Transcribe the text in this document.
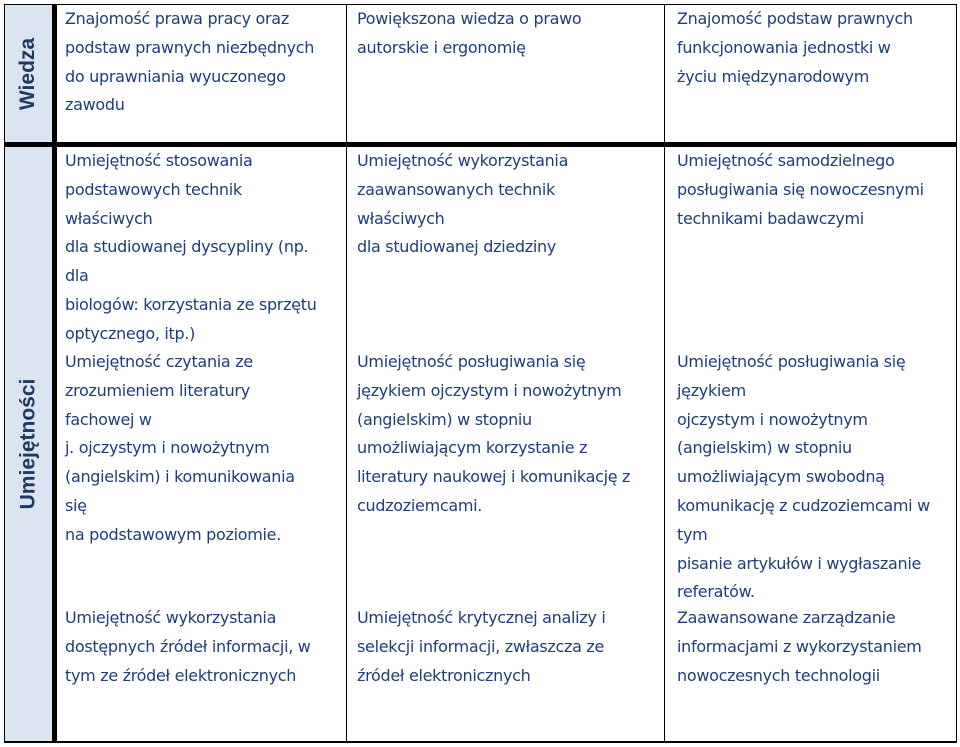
Wiedza
Umiejętności
Znajomość prawa pracy oraz
podstaw prawnych niezbędnych
do uprawniania wyuczonego
zawodu
Powiększona wiedza o prawo
autorskie i ergonomię
Znajomość podstaw prawnych
funkcjonowania jednostki w
życiu międzynarodowym
Umiejętność stosowania
podstawowych technik
właściwych
dla studiowanej dyscypliny (np.
dla
biologów: korzystania ze sprzętu
optycznego, itp.)
Umiejętność czytania ze
zrozumieniem literatury
fachowej w
j. ojczystym i nowożytnym
(angielskim) i komunikowania
się
na podstawowym poziomie.
Umiejętność wykorzystania
dostępnych źródeł informacji, w
tym ze źródeł elektronicznych
Umiejętność wykorzystania
zaawansowanych technik
właściwych
dla studiowanej dziedziny
Umiejętność posługiwania się
językiem ojczystym i nowożytnym
(angielskim) w stopniu
umożliwiającym korzystanie z
literatury naukowej i komunikację z
cudzoziemcami.
Umiejętność krytycznej analizy i
selekcji informacji, zwłaszcza ze
źródeł elektronicznych
Umiejętność samodzielnego
posługiwania się nowoczesnymi
technikami badawczymi
Umiejętność posługiwania się
językiem
ojczystym i nowożytnym
(angielskim) w stopniu
umożliwiającym swobodną
komunikację z cudzoziemcami w
tym
pisanie artykułów i wygłaszanie
referatów.
Zaawansowane zarządzanie
informacjami z wykorzystaniem
nowoczesnych technologii
